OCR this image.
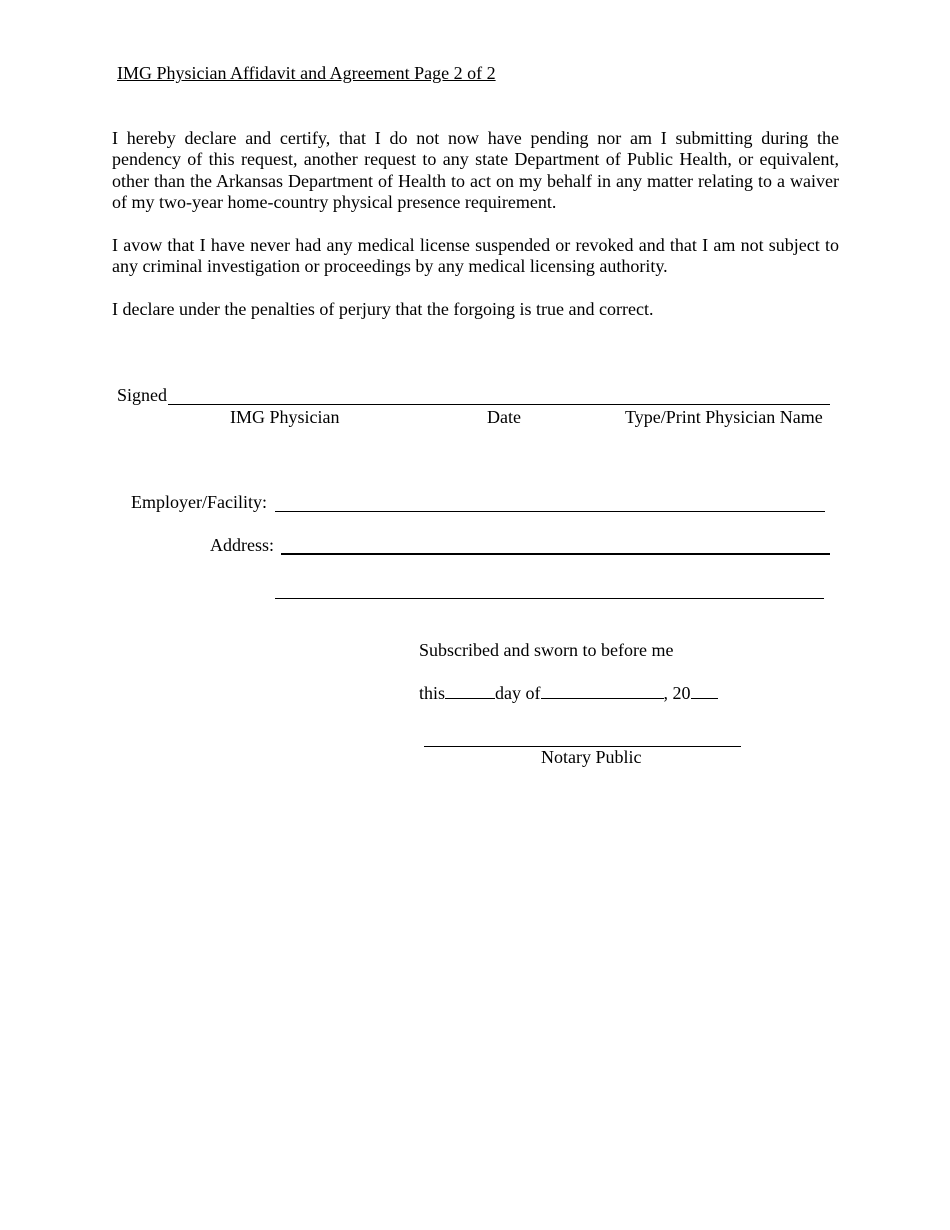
IMG Physician Affidavit and Agreement Page 2 of 2
I hereby declare and certify, that I do not now have pending nor am I submitting during the pendency of this request, another request to any state Department of Public Health, or equivalent, other than the Arkansas Department of Health to act on my behalf in any matter relating to a waiver of my two-year home-country physical presence requirement.
I avow that I have never had any medical license suspended or revoked and that I am not subject to any criminal investigation or proceedings by any medical licensing authority.
I declare under the penalties of perjury that the forgoing is true and correct.
Signed
IMG Physician	Date	Type/Print Physician Name
Employer/Facility:
Address:
Subscribed and sworn to before me
this	day of	, 20
Notary Public
